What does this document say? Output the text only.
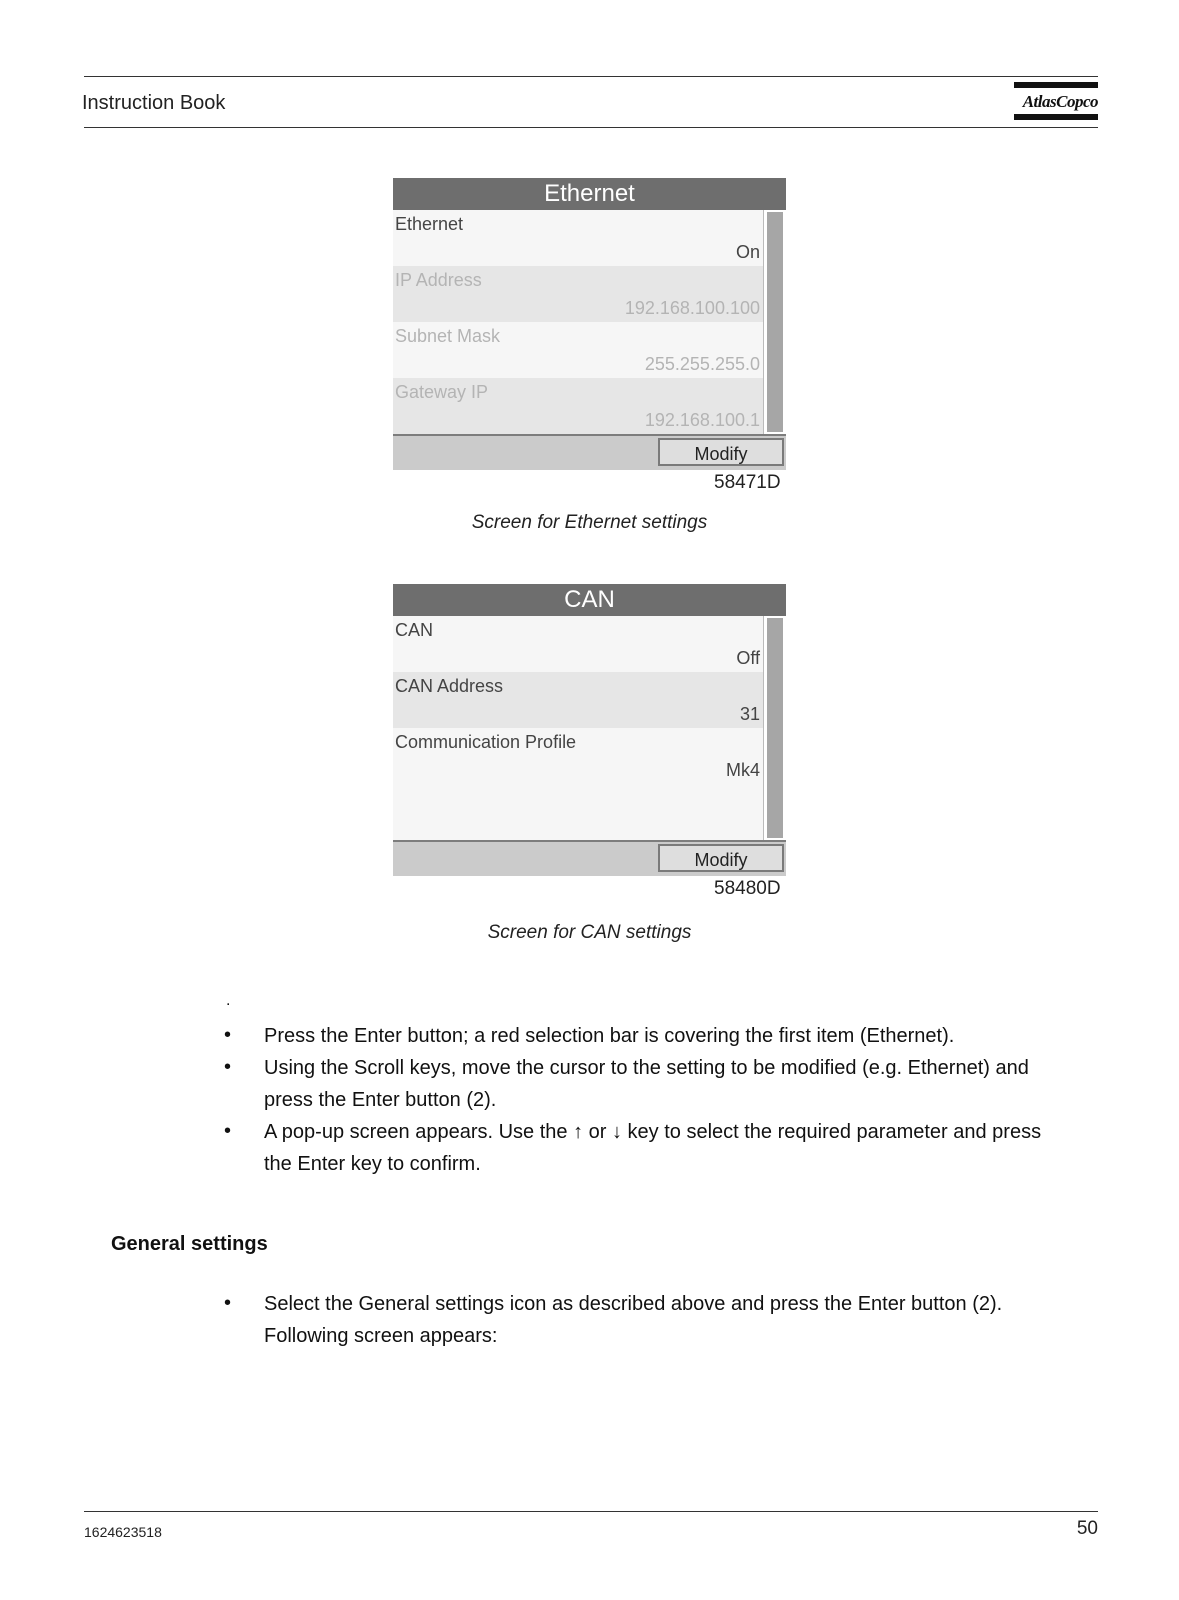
Instruction Book	AtlasCopco
Ethernet
Ethernet
On
IP Address
192.168.100.100
Subnet Mask
255.255.255.0
Gateway IP
192.168.100.1
Modify
58471D
Screen for Ethernet settings
CAN
CAN
Off
CAN Address
31
Communication Profile
Mk4
Modify
58480D
Screen for CAN settings
.
• Press the Enter button; a red selection bar is covering the first item (Ethernet).
• Using the Scroll keys, move the cursor to the setting to be modified (e.g. Ethernet) and press the Enter button (2).
• A pop-up screen appears. Use the ↑ or ↓ key to select the required parameter and press the Enter key to confirm.
General settings
• Select the General settings icon as described above and press the Enter button (2). Following screen appears:
1624623518	50
